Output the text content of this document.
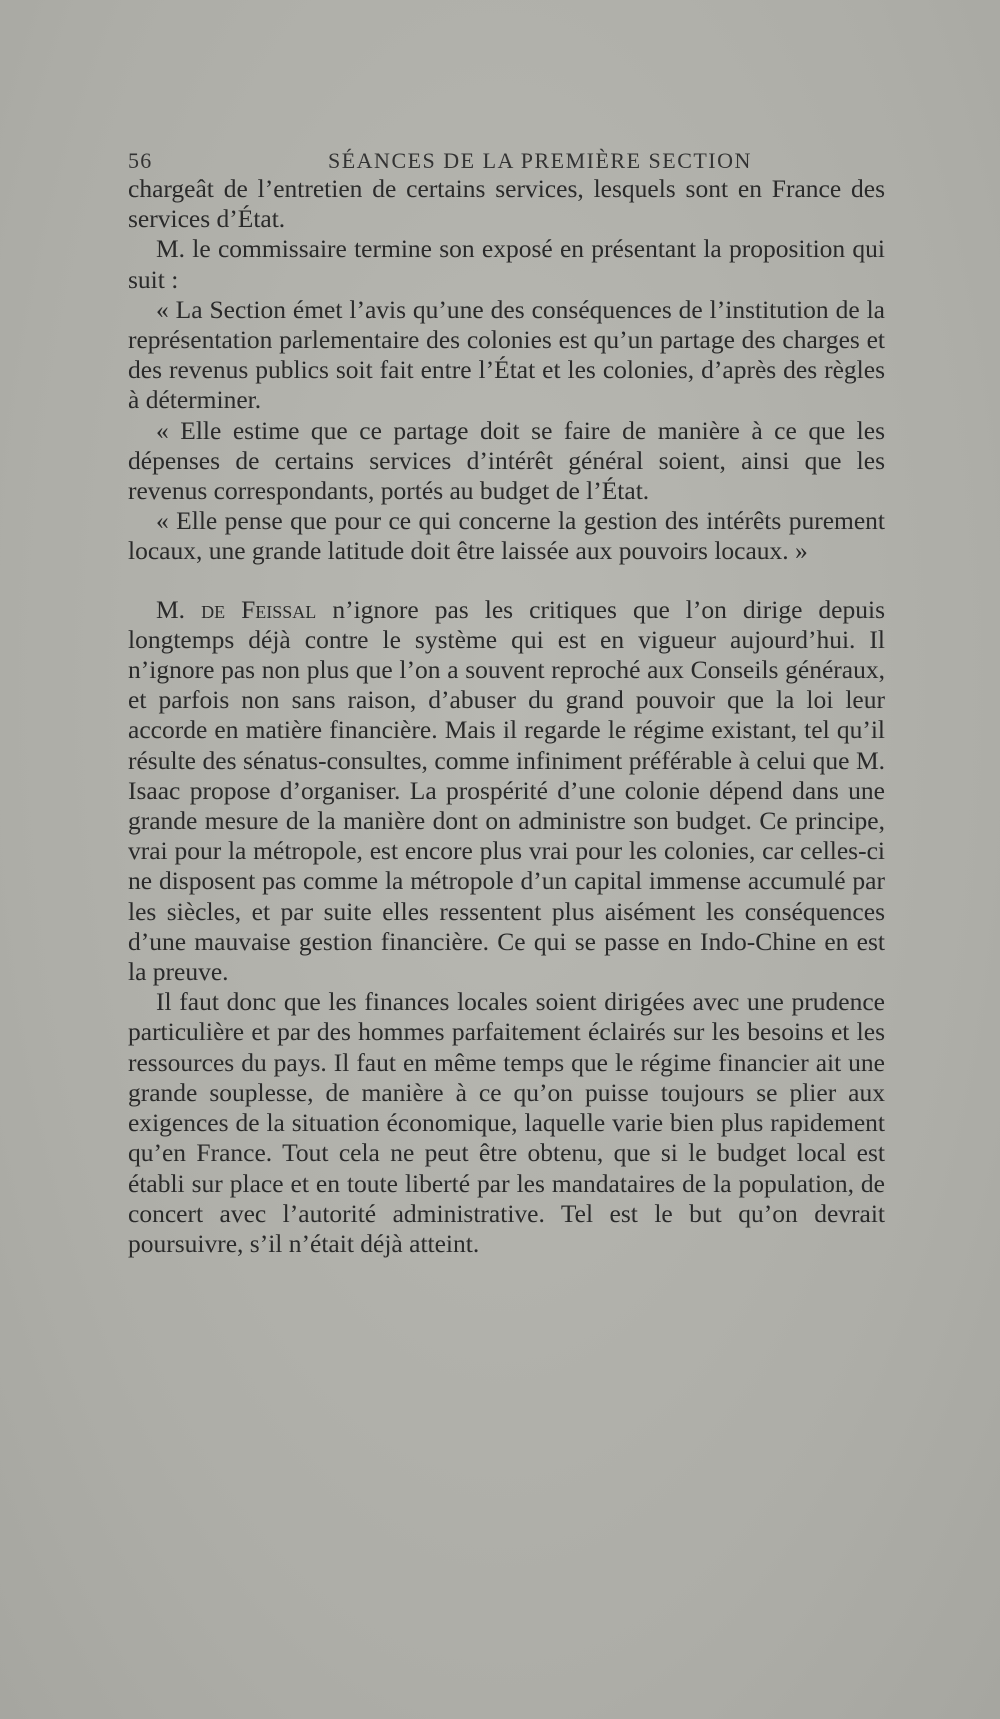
56	SÉANCES DE LA PREMIÈRE SECTION

chargeât de l’entretien de certains services, lesquels sont en France des services d’État.

M. le commissaire termine son exposé en présentant la proposition qui suit :

« La Section émet l’avis qu’une des conséquences de l’institution de la représentation parlementaire des colonies est qu’un partage des charges et des revenus publics soit fait entre l’État et les colonies, d’après des règles à déterminer.

« Elle estime que ce partage doit se faire de manière à ce que les dépenses de certains services d’intérêt général soient, ainsi que les revenus correspondants, portés au budget de l’État.

« Elle pense que pour ce qui concerne la gestion des intérêts purement locaux, une grande latitude doit être laissée aux pouvoirs locaux. »

M. de Feissal n’ignore pas les critiques que l’on dirige depuis longtemps déjà contre le système qui est en vigueur aujourd’hui. Il n’ignore pas non plus que l’on a souvent reproché aux Conseils généraux, et parfois non sans raison, d’abuser du grand pouvoir que la loi leur accorde en matière financière. Mais il regarde le régime existant, tel qu’il résulte des sénatus-consultes, comme infiniment préférable à celui que M. Isaac propose d’organiser. La prospérité d’une colonie dépend dans une grande mesure de la manière dont on administre son budget. Ce principe, vrai pour la métropole, est encore plus vrai pour les colonies, car celles-ci ne disposent pas comme la métropole d’un capital immense accumulé par les siècles, et par suite elles ressentent plus aisément les conséquences d’une mauvaise gestion financière. Ce qui se passe en Indo-Chine en est la preuve.

Il faut donc que les finances locales soient dirigées avec une prudence particulière et par des hommes parfaitement éclairés sur les besoins et les ressources du pays. Il faut en même temps que le régime financier ait une grande souplesse, de manière à ce qu’on puisse toujours se plier aux exigences de la situation économique, laquelle varie bien plus rapidement qu’en France. Tout cela ne peut être obtenu, que si le budget local est établi sur place et en toute liberté par les mandataires de la population, de concert avec l’autorité administrative. Tel est le but qu’on devrait poursuivre, s’il n’était déjà atteint.
